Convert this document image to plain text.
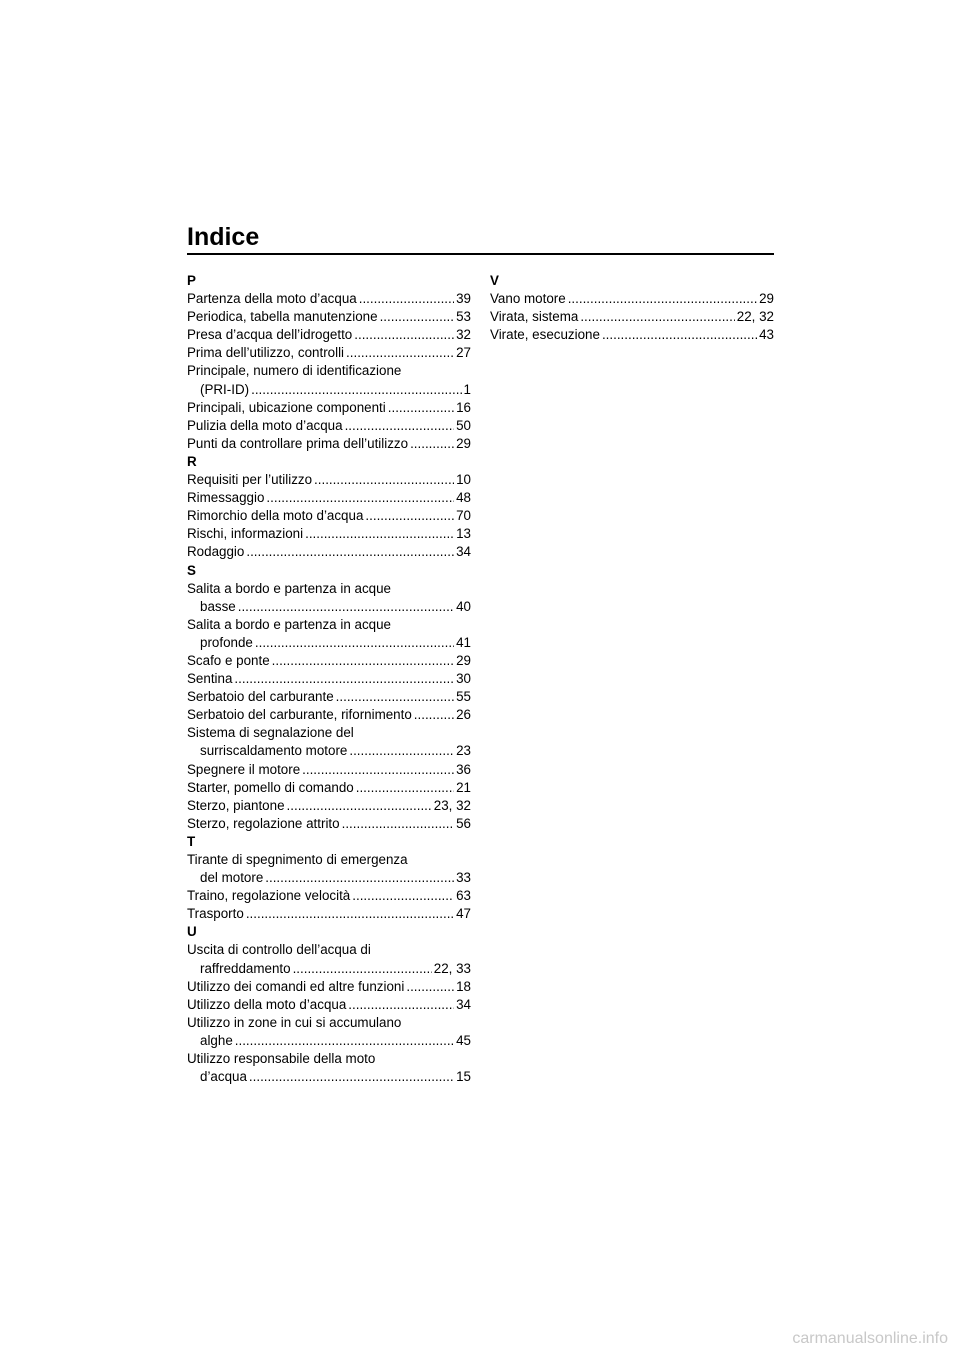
Indice
P
Partenza della moto d’acqua .....	39
Periodica, tabella manutenzione .....	53
Presa d’acqua dell’idrogetto .....	32
Prima dell’utilizzo, controlli .....	27
Principale, numero di identificazione
(PRI-ID) .....	1
Principali, ubicazione componenti .....	16
Pulizia della moto d’acqua .....	50
Punti da controllare prima dell’utilizzo .....	29
R
Requisiti per l’utilizzo .....	10
Rimessaggio .....	48
Rimorchio della moto d’acqua .....	70
Rischi, informazioni .....	13
Rodaggio .....	34
S
Salita a bordo e partenza in acque
basse .....	40
Salita a bordo e partenza in acque
profonde .....	41
Scafo e ponte .....	29
Sentina .....	30
Serbatoio del carburante .....	55
Serbatoio del carburante, rifornimento .....	26
Sistema di segnalazione del
surriscaldamento motore .....	23
Spegnere il motore .....	36
Starter, pomello di comando .....	21
Sterzo, piantone .....	23, 32
Sterzo, regolazione attrito .....	56
T
Tirante di spegnimento di emergenza
del motore .....	33
Traino, regolazione velocità .....	63
Trasporto .....	47
U
Uscita di controllo dell’acqua di
raffreddamento .....	22, 33
Utilizzo dei comandi ed altre funzioni .....	18
Utilizzo della moto d’acqua .....	34
Utilizzo in zone in cui si accumulano
alghe .....	45
Utilizzo responsabile della moto
d’acqua .....	15
V
Vano motore .....	29
Virata, sistema .....	22, 32
Virate, esecuzione .....	43
carmanualsonline.info
